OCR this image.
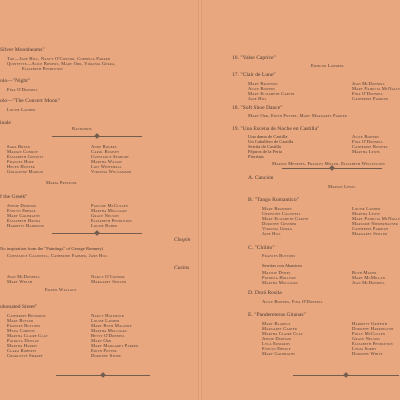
Silver Moonbeams"
Toe—Jane Hill, Nancy O'Connor, Cornelia Parker
Quintette—Alice Bowers, Mary Orr, Virginia Gerra,
Elizabeth Pendleton
olo—"Night"
Fina O'Donnell
olo—"The Concert Moon"
Louise Lander
inale
Raymonds
Sara Bryan
Marian Conroy
Elizabeth Gossett
Frances Hope
Helen Hunter
Geraldine Marion
Maria Pressler
Anne Rogers
Carol Rumsey
Constance Seabury
Martha Waugh
Lois Whitehall
Virginia Williamson
f the Greek"
Jennie Durham
Evelyn Eberle
Mary Galbraith
Elizabeth Hanna
Harriett Harrison
Pauline McCullen
Martha Mulligan
Grace Nelson
Elizabeth Pendleton
Louise Ruben
Chopin
No inspiration from the "Paintings" of George Romney)
Constance Caldwell, Catherine Farmer, Jane Hill
Cusins
Jean McDonnell
Mary Welsh
Nancy O'Connor
Margaret Spiller
Eileen Wallace
ohonated Street"
Catherine Richards
Mary Butler
Frances Buttons
Myra Cabenis
Martha Claire Clay
Patricia Dunlap
Martha Harris
Clara Roberts
Charlotte Sharpe
Nancy Holyrock
Louise Lander
Mary Ruth Maguire
Martha Mulligan
Betty O'Donnell
Mary Orr
Mary Margaret Parker
Edith Potter
Dorothy Stone
16. "Valse Caprice"
Edmund Lansber
17. "Clair de Lune"
Mary Brannon
Alice Bowers
Mary Elizabeth Carvin
Jane Hill
Jean McDonnell
Mary Patricia McNally
Fina O'Donnell
Catherine Parrish
18. "Soft Shoe Dance"
Mary Orr, Edith Potter, Mary Margaret Parker
19. "Una Escena de Noche en Castilla"
Una dama de Castilla
Un Caballero de Castilla
Serrita de Castilla
Pájaros de la Feria
Floristas
Alice Bowers
Fina O'Donnell
Catherine Bowers
Martha Lewis
Marian Menezes, Frances Miller, Elizabeth Wellington
A. Cancion
Marian Lewis
B. "Tango Romantico"
Mary Brannon
Christine Caldwell
Mary Elizabeth Carvin
Dorothy Gessner
Virginia Gerra
Jane Hill
Louise Lander
Martha Lewis
Mary Patricia McNally
Marjorie Niederhauser
Catherine Parrish
Margaret Spiller
C. "Chilito"
Frances Buttons
Serritas con Abanicos
Mazilie Dyres
Patricia Hollway
Martha Mulligan
Ruth Mauer
Mary McMillan
Jean McDonnell
D. Dorá Rosita
Alice Bowers, Fina O'Donnell
E. "Pandereteras Gitanas"
Mary Blakely
Margaret Carter
Martha Claire Clay
Jennie Durham
Lyla Edwards
Evelyn Eberle
Mary Galbraith
Harriett Griffith
Dorothy Harrington
Polly McCullen
Grace Nelson
Elizabeth Pendleton
Lydia Sorby
Dorothy White
